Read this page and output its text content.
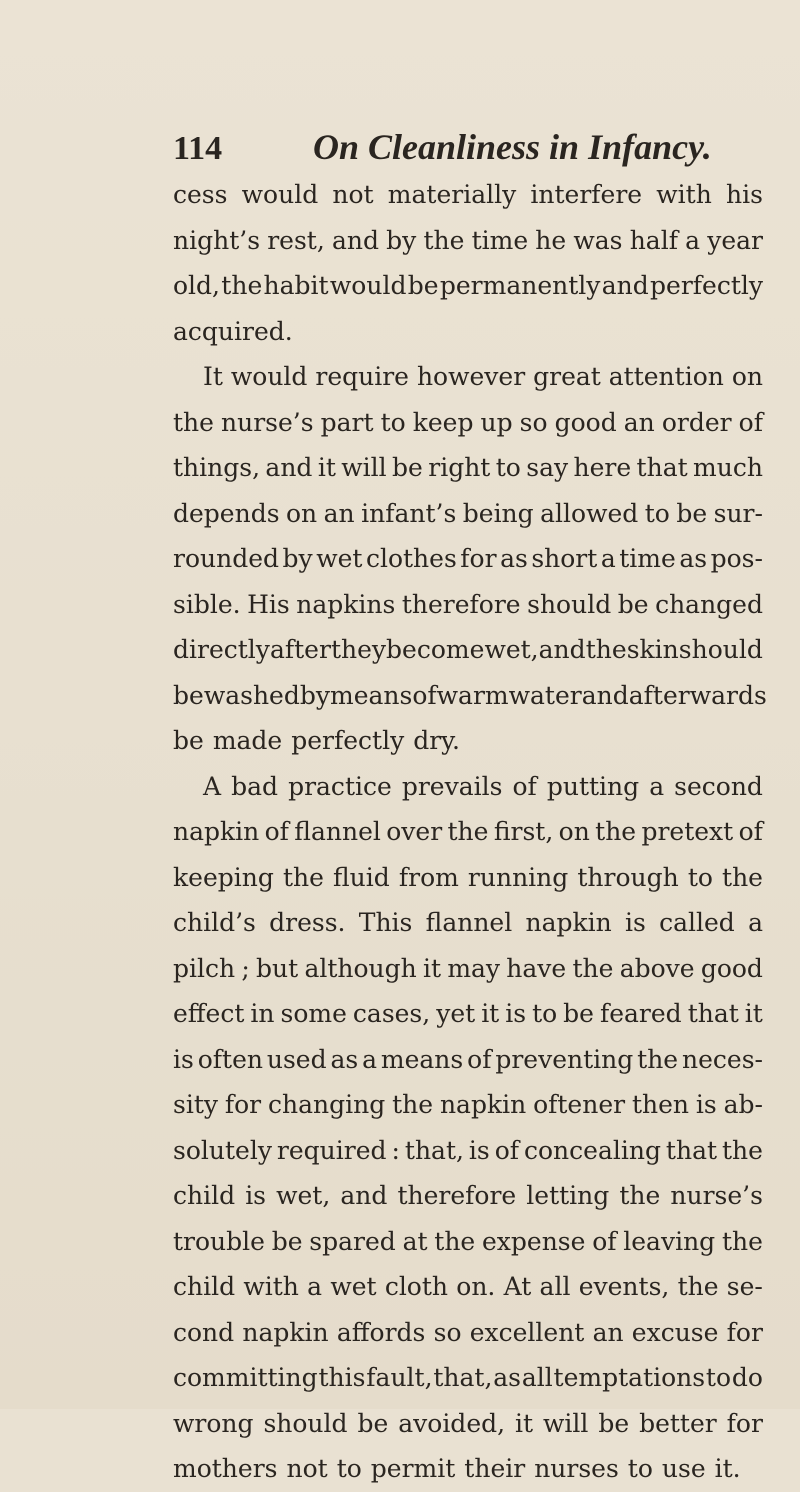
114	On Cleanliness in Infancy.
cess would not materially interfere with his
night’s rest, and by the time he was half a year
old, the habit would be permanently and perfectly
acquired.
It would require however great attention on
the nurse’s part to keep up so good an order of
things, and it will be right to say here that much
depends on an infant’s being allowed to be sur-
rounded by wet clothes for as short a time as pos-
sible. His napkins therefore should be changed
directly after they become wet, and the skin should
be washed by means of warm water and afterwards
be made perfectly dry.
A bad practice prevails of putting a second
napkin of flannel over the first, on the pretext of
keeping the fluid from running through to the
child’s dress. This flannel napkin is called a
pilch ; but although it may have the above good
effect in some cases, yet it is to be feared that it
is often used as a means of preventing the neces-
sity for changing the napkin oftener then is ab-
solutely required : that, is of concealing that the
child is wet, and therefore letting the nurse’s
trouble be spared at the expense of leaving the
child with a wet cloth on. At all events, the se-
cond napkin affords so excellent an excuse for
committing this fault, that, as all temptations to do
wrong should be avoided, it will be better for
mothers not to permit their nurses to use it.
